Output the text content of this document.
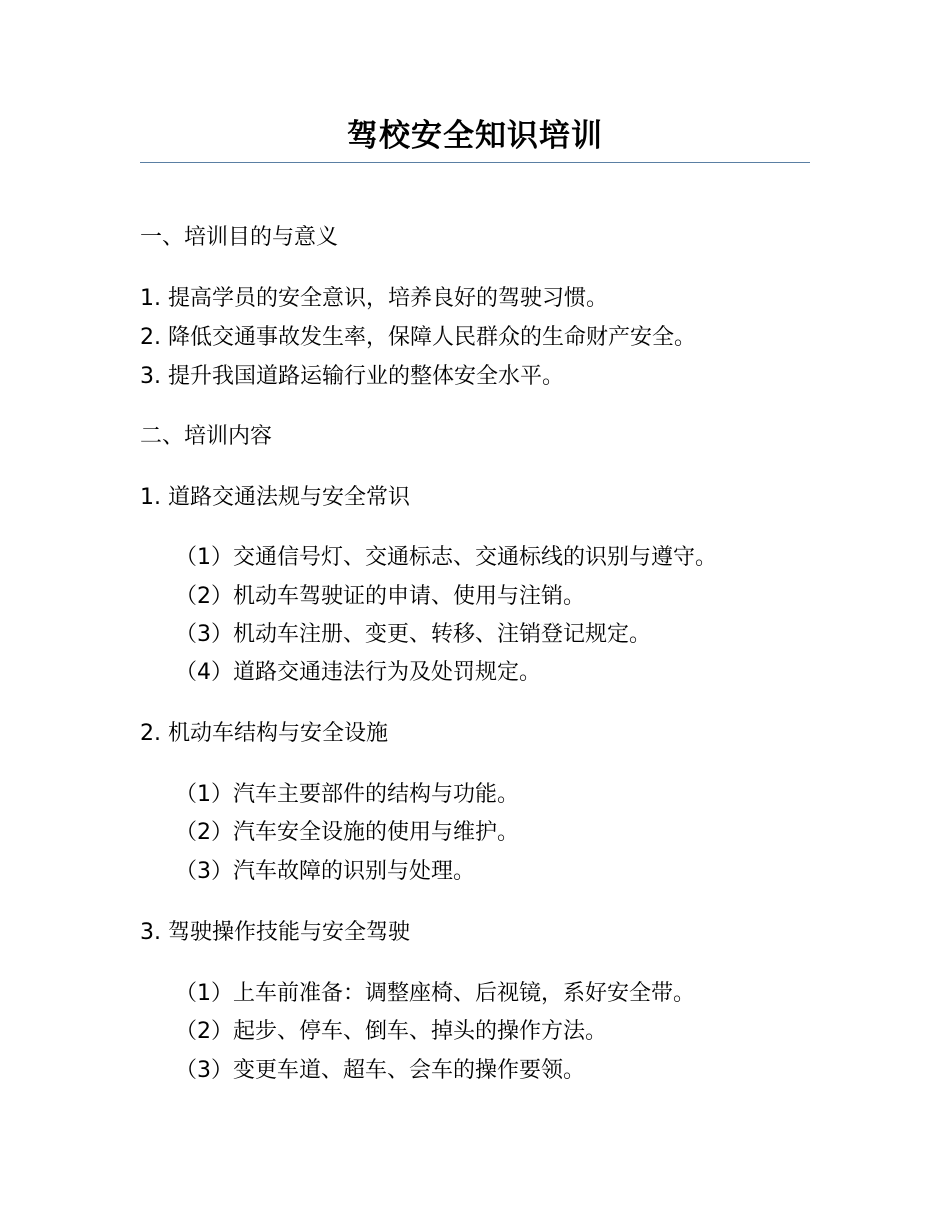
驾校安全知识培训
一、培训目的与意义
1. 提高学员的安全意识，培养良好的驾驶习惯。
2. 降低交通事故发生率，保障人民群众的生命财产安全。
3. 提升我国道路运输行业的整体安全水平。
二、培训内容
1. 道路交通法规与安全常识
（1）交通信号灯、交通标志、交通标线的识别与遵守。
（2）机动车驾驶证的申请、使用与注销。
（3）机动车注册、变更、转移、注销登记规定。
（4）道路交通违法行为及处罚规定。
2. 机动车结构与安全设施
（1）汽车主要部件的结构与功能。
（2）汽车安全设施的使用与维护。
（3）汽车故障的识别与处理。
3. 驾驶操作技能与安全驾驶
（1）上车前准备：调整座椅、后视镜，系好安全带。
（2）起步、停车、倒车、掉头的操作方法。
（3）变更车道、超车、会车的操作要领。
